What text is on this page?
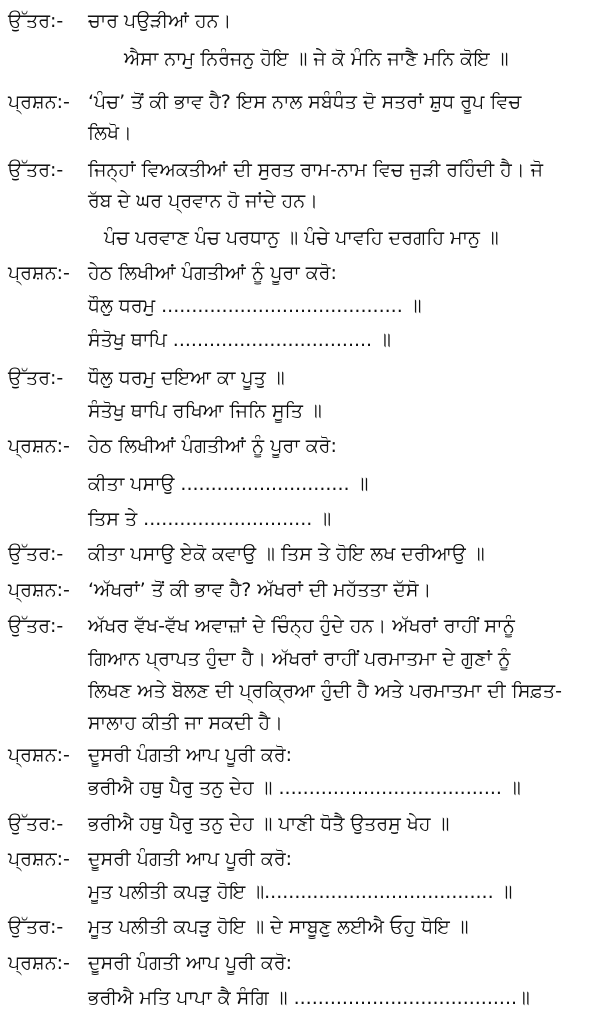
ਉੱਤਰ:- ਚਾਰ ਪਉੜੀਆਂ ਹਨ।
ਐਸਾ ਨਾਮੁ ਨਿਰੰਜਨੁ ਹੋਇ ॥ ਜੇ ਕੋ ਮੰਨਿ ਜਾਣੈ ਮਨਿ ਕੋਇ ॥
ਪ੍ਰਸ਼ਨ:- ‘ਪੰਚ’ ਤੋਂ ਕੀ ਭਾਵ ਹੈ? ਇਸ ਨਾਲ ਸਬੰਧੰਤ ਦੋ ਸਤਰਾਂ ਸ਼ੁਧ ਰੂਪ ਵਿਚ
ਲਿਖੋ।
ਉੱਤਰ:- ਜਿਨ੍ਹਾਂ ਵਿਅਕਤੀਆਂ ਦੀ ਸੁਰਤ ਰਾਮ-ਨਾਮ ਵਿਚ ਜੁੜੀ ਰਹਿੰਦੀ ਹੈ। ਜੋ
ਰੱਬ ਦੇ ਘਰ ਪ੍ਰਵਾਨ ਹੋ ਜਾਂਦੇ ਹਨ।
ਪੰਚ ਪਰਵਾਣ ਪੰਚ ਪਰਧਾਨੁ ॥ ਪੰਚੇ ਪਾਵਹਿ ਦਰਗਹਿ ਮਾਨੁ ॥
ਪ੍ਰਸ਼ਨ:- ਹੇਠ ਲਿਖੀਆਂ ਪੰਗਤੀਆਂ ਨੂੰ ਪੂਰਾ ਕਰੋ:
ਧੌਲੁ ਧਰਮੁ ........................................ ॥
ਸੰਤੋਖੁ ਥਾਪਿ ................................. ॥
ਉੱਤਰ:- ਧੌਲੁ ਧਰਮੁ ਦਇਆ ਕਾ ਪੂਤੁ ॥
ਸੰਤੋਖੁ ਥਾਪਿ ਰਖਿਆ ਜਿਨਿ ਸੂਤਿ ॥
ਪ੍ਰਸ਼ਨ:- ਹੇਠ ਲਿਖੀਆਂ ਪੰਗਤੀਆਂ ਨੂੰ ਪੂਰਾ ਕਰੋ:
ਕੀਤਾ ਪਸਾਉ ............................ ॥
ਤਿਸ ਤੇ ............................ ॥
ਉੱਤਰ:- ਕੀਤਾ ਪਸਾਉ ਏਕੋ ਕਵਾਉ ॥ ਤਿਸ ਤੇ ਹੋਇ ਲਖ ਦਰੀਆਉ ॥
ਪ੍ਰਸ਼ਨ:- ‘ਅੱਖਰਾਂ’ ਤੋਂ ਕੀ ਭਾਵ ਹੈ? ਅੱਖਰਾਂ ਦੀ ਮਹੱਤਤਾ ਦੱਸੋ।
ਉੱਤਰ:- ਅੱਖਰ ਵੱਖ-ਵੱਖ ਅਵਾਜ਼ਾਂ ਦੇ ਚਿੰਨ੍ਹ ਹੁੰਦੇ ਹਨ। ਅੱਖਰਾਂ ਰਾਹੀਂ ਸਾਨੂੰ
ਗਿਆਨ ਪ੍ਰਾਪਤ ਹੁੰਦਾ ਹੈ। ਅੱਖਰਾਂ ਰਾਹੀਂ ਪਰਮਾਤਮਾ ਦੇ ਗੁਣਾਂ ਨੂੰ
ਲਿਖਣ ਅਤੇ ਬੋਲਣ ਦੀ ਪ੍ਰਕ੍ਰਿਆ ਹੁੰਦੀ ਹੈ ਅਤੇ ਪਰਮਾਤਮਾ ਦੀ ਸਿਫ਼ਤ-
ਸਾਲਾਹ ਕੀਤੀ ਜਾ ਸਕਦੀ ਹੈ।
ਪ੍ਰਸ਼ਨ:- ਦੂਸਰੀ ਪੰਗਤੀ ਆਪ ਪੂਰੀ ਕਰੋ:
ਭਰੀਐ ਹਥੁ ਪੈਰੁ ਤਨੁ ਦੇਹ ॥ ..................................... ॥
ਉੱਤਰ:- ਭਰੀਐ ਹਥੁ ਪੈਰੁ ਤਨੁ ਦੇਹ ॥ ਪਾਣੀ ਧੋਤੈ ਉਤਰਸੁ ਖੇਹ ॥
ਪ੍ਰਸ਼ਨ:- ਦੂਸਰੀ ਪੰਗਤੀ ਆਪ ਪੂਰੀ ਕਰੋ:
ਮੂਤ ਪਲੀਤੀ ਕਪੜੁ ਹੋਇ ॥...................................... ॥
ਉੱਤਰ:- ਮੂਤ ਪਲੀਤੀ ਕਪੜੁ ਹੋਇ ॥ ਦੇ ਸਾਬੂਣੁ ਲਈਐ ਓਹੁ ਧੋਇ ॥
ਪ੍ਰਸ਼ਨ:- ਦੂਸਰੀ ਪੰਗਤੀ ਆਪ ਪੂਰੀ ਕਰੋ:
ਭਰੀਐ ਮਤਿ ਪਾਪਾ ਕੈ ਸੰਗਿ ॥ .....................................॥
